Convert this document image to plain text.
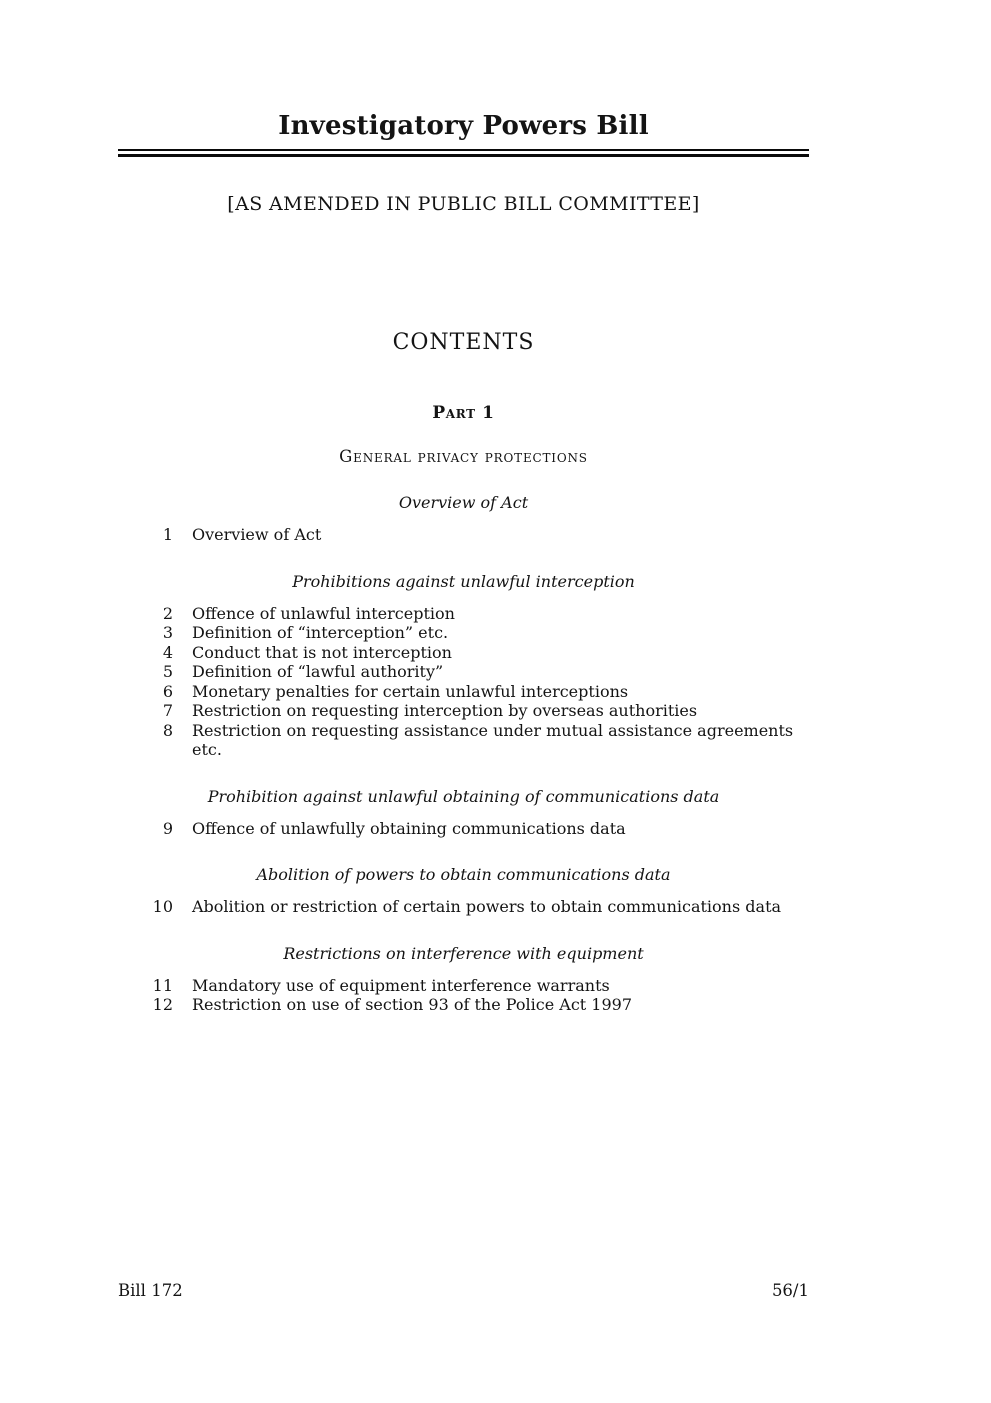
Investigatory Powers Bill
[AS AMENDED IN PUBLIC BILL COMMITTEE]
CONTENTS
Part 1
General privacy protections
Overview of Act
1 Overview of Act
Prohibitions against unlawful interception
2 Offence of unlawful interception
3 Definition of “interception” etc.
4 Conduct that is not interception
5 Definition of “lawful authority”
6 Monetary penalties for certain unlawful interceptions
7 Restriction on requesting interception by overseas authorities
8 Restriction on requesting assistance under mutual assistance agreements etc.
Prohibition against unlawful obtaining of communications data
9 Offence of unlawfully obtaining communications data
Abolition of powers to obtain communications data
10 Abolition or restriction of certain powers to obtain communications data
Restrictions on interference with equipment
11 Mandatory use of equipment interference warrants
12 Restriction on use of section 93 of the Police Act 1997
Bill 172	56/1
